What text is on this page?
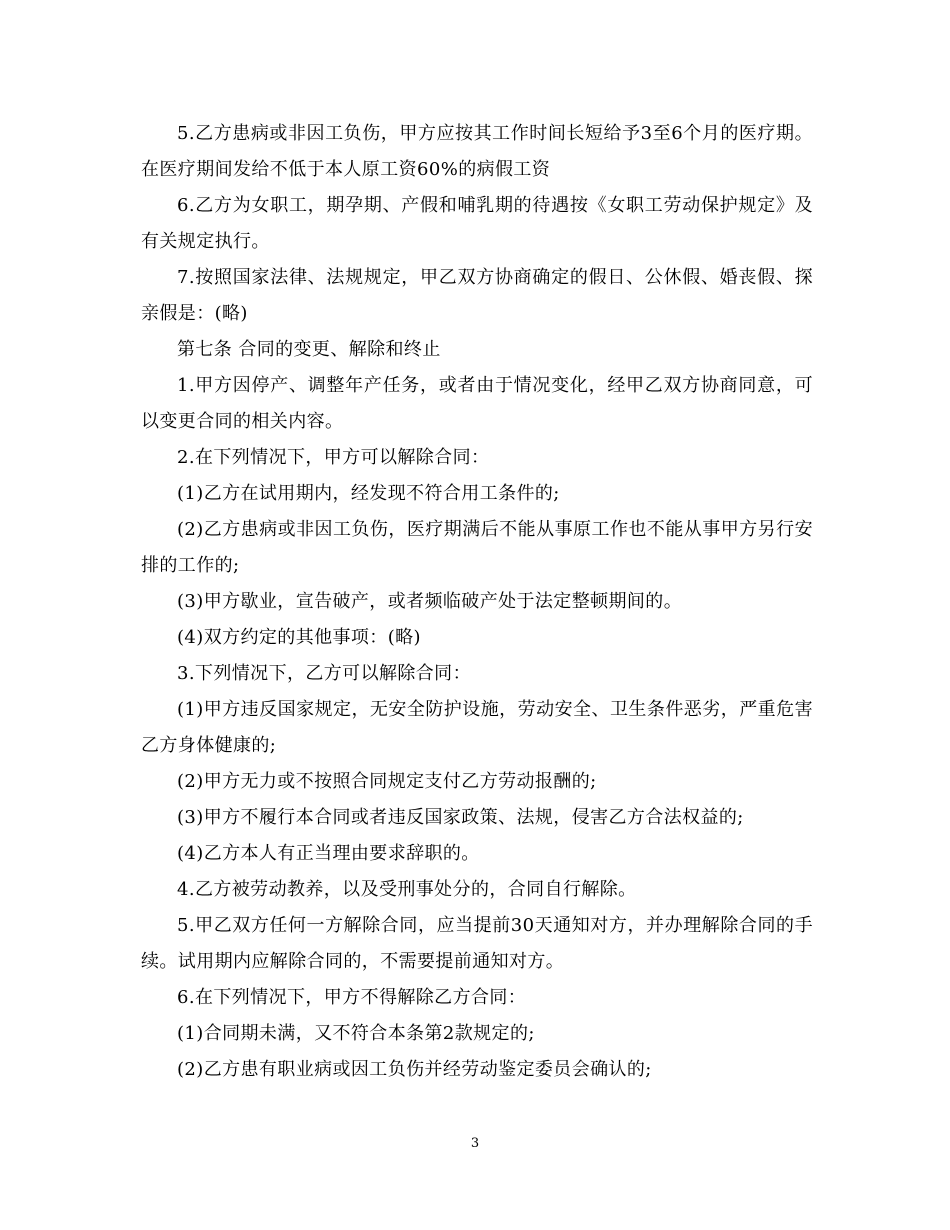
5.乙方患病或非因工负伤，甲方应按其工作时间长短给予3至6个月的医疗期。在医疗期间发给不低于本人原工资60%的病假工资

6.乙方为女职工，期孕期、产假和哺乳期的待遇按《女职工劳动保护规定》及有关规定执行。

7.按照国家法律、法规规定，甲乙双方协商确定的假日、公休假、婚丧假、探亲假是：(略)

第七条 合同的变更、解除和终止

1.甲方因停产、调整年产任务，或者由于情况变化，经甲乙双方协商同意，可以变更合同的相关内容。

2.在下列情况下，甲方可以解除合同：

(1)乙方在试用期内，经发现不符合用工条件的;

(2)乙方患病或非因工负伤，医疗期满后不能从事原工作也不能从事甲方另行安排的工作的;

(3)甲方歇业，宣告破产，或者频临破产处于法定整顿期间的。

(4)双方约定的其他事项：(略)

3.下列情况下，乙方可以解除合同：

(1)甲方违反国家规定，无安全防护设施，劳动安全、卫生条件恶劣，严重危害乙方身体健康的;

(2)甲方无力或不按照合同规定支付乙方劳动报酬的;

(3)甲方不履行本合同或者违反国家政策、法规，侵害乙方合法权益的;

(4)乙方本人有正当理由要求辞职的。

4.乙方被劳动教养，以及受刑事处分的，合同自行解除。

5.甲乙双方任何一方解除合同，应当提前30天通知对方，并办理解除合同的手续。试用期内应解除合同的，不需要提前通知对方。

6.在下列情况下，甲方不得解除乙方合同：

(1)合同期未满，又不符合本条第2款规定的;

(2)乙方患有职业病或因工负伤并经劳动鉴定委员会确认的;

3
